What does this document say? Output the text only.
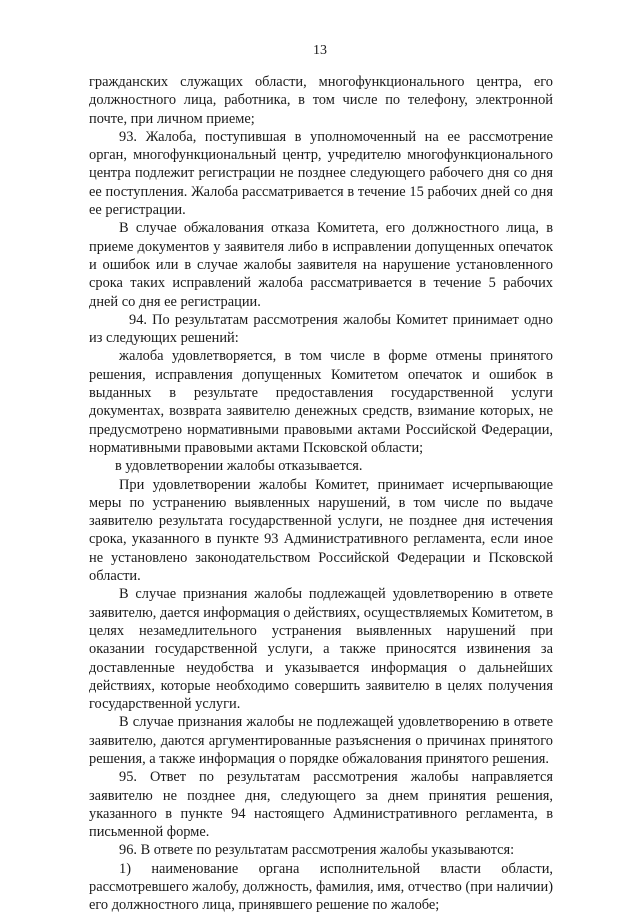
13

гражданских служащих области, многофункционального центра, его должностного лица, работника, в том числе по телефону, электронной почте, при личном приеме;

93. Жалоба, поступившая в уполномоченный на ее рассмотрение орган, многофункциональный центр, учредителю многофункционального центра подлежит регистрации не позднее следующего рабочего дня со дня ее поступления. Жалоба рассматривается в течение 15 рабочих дней со дня ее регистрации.

В случае обжалования отказа Комитета, его должностного лица, в приеме документов у заявителя либо в исправлении допущенных опечаток и ошибок или в случае жалобы заявителя на нарушение установленного срока таких исправлений жалоба рассматривается в течение 5 рабочих дней со дня ее регистрации.

94. По результатам рассмотрения жалобы Комитет принимает одно из следующих решений:

жалоба удовлетворяется, в том числе в форме отмены принятого решения, исправления допущенных Комитетом опечаток и ошибок в выданных в результате предоставления государственной услуги документах, возврата заявителю денежных средств, взимание которых, не предусмотрено нормативными правовыми актами Российской Федерации, нормативными правовыми актами Псковской области;

в удовлетворении жалобы отказывается.

При удовлетворении жалобы Комитет, принимает исчерпывающие меры по устранению выявленных нарушений, в том числе по выдаче заявителю результата государственной услуги, не позднее дня истечения срока, указанного в пункте 93 Административного регламента, если иное не установлено законодательством Российской Федерации и Псковской области.

В случае признания жалобы подлежащей удовлетворению в ответе заявителю, дается информация о действиях, осуществляемых Комитетом, в целях незамедлительного устранения выявленных нарушений при оказании государственной услуги, а также приносятся извинения за доставленные неудобства и указывается информация о дальнейших действиях, которые необходимо совершить заявителю в целях получения государственной услуги.

В случае признания жалобы не подлежащей удовлетворению в ответе заявителю, даются аргументированные разъяснения о причинах принятого решения, а также информация о порядке обжалования принятого решения.

95. Ответ по результатам рассмотрения жалобы направляется заявителю не позднее дня, следующего за днем принятия решения, указанного в пункте 94 настоящего Административного регламента, в письменной форме.

96. В ответе по результатам рассмотрения жалобы указываются:

1) наименование органа исполнительной власти области, рассмотревшего жалобу, должность, фамилия, имя, отчество (при наличии) его должностного лица, принявшего решение по жалобе;
